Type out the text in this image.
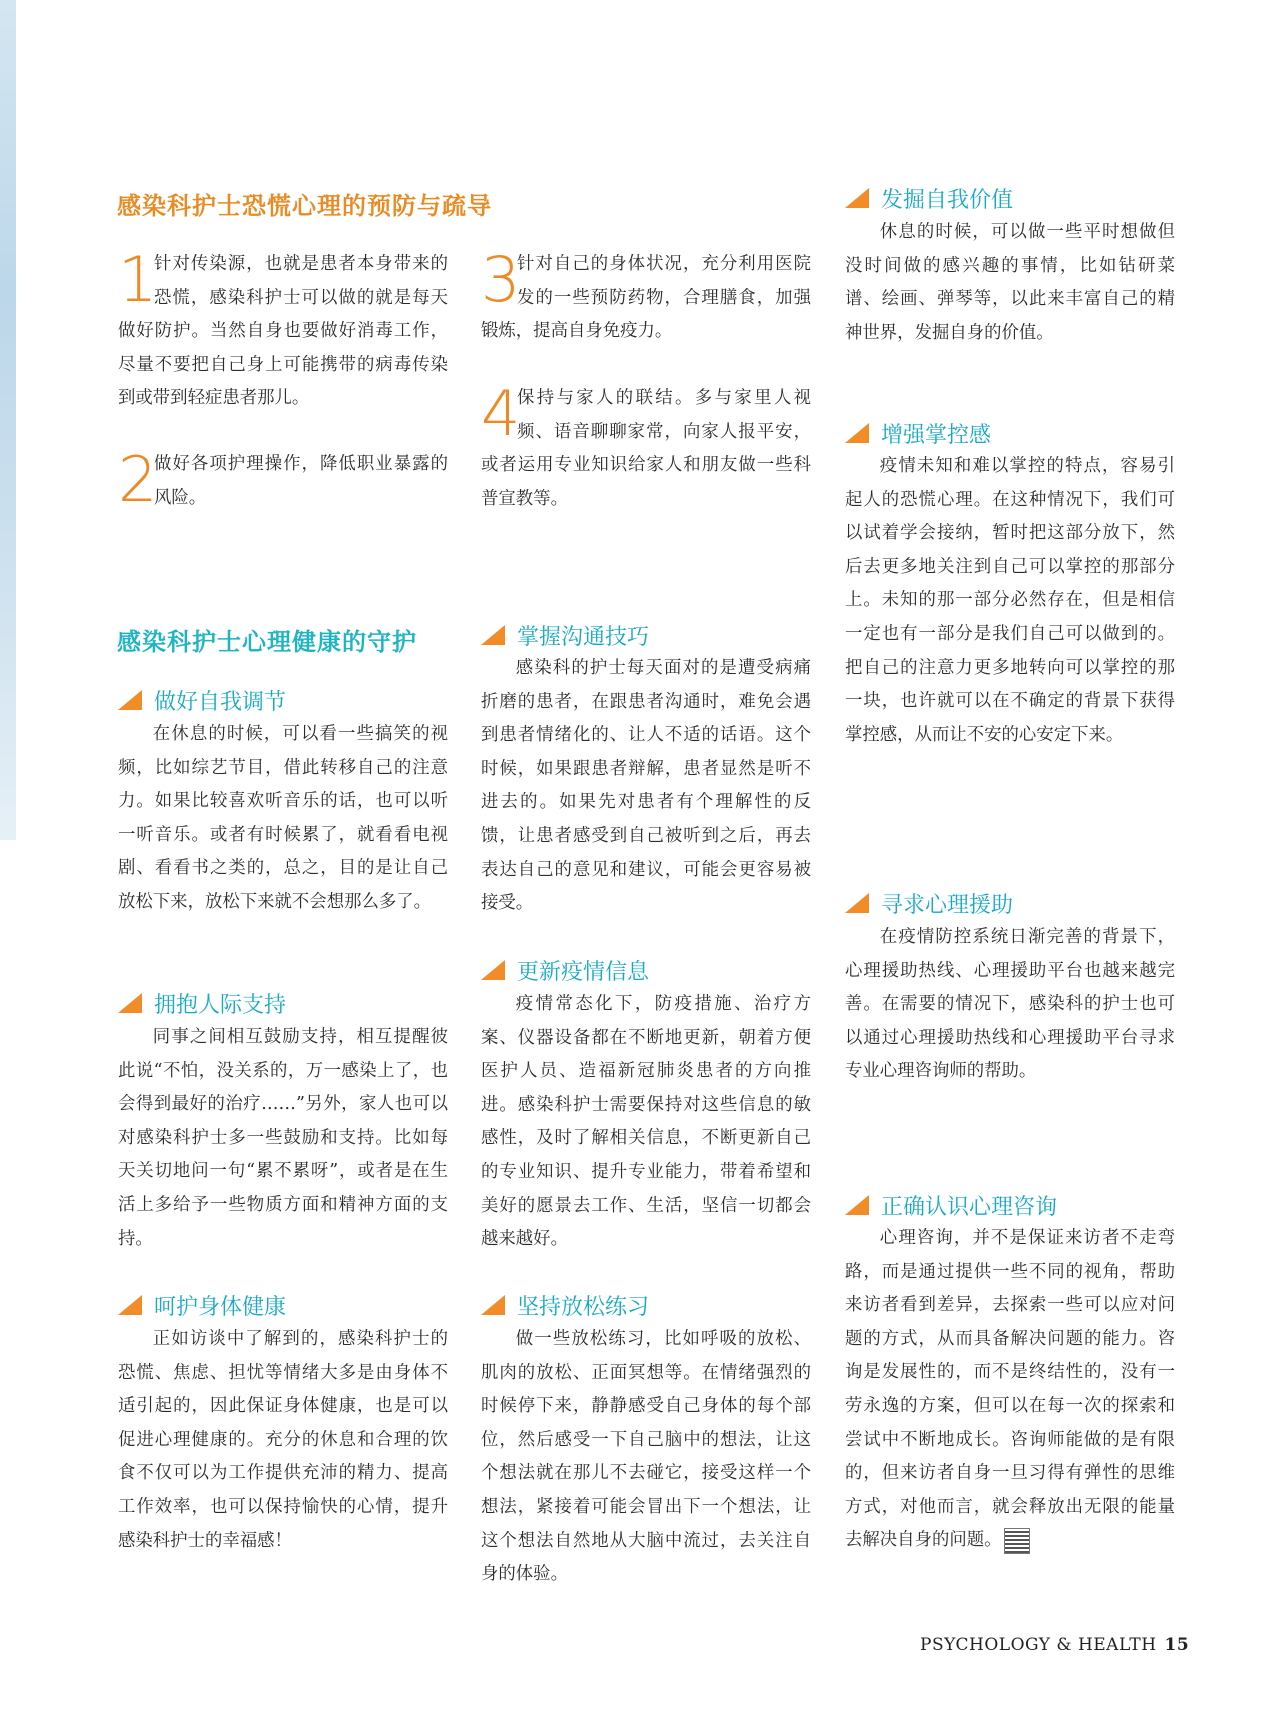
感染科护士恐慌心理的预防与疏导

1
针对传染源，也就是患者本身带来的恐慌，感染科护士可以做的就是每天做好防护。当然自身也要做好消毒工作，尽量不要把自己身上可能携带的病毒传染到或带到轻症患者那儿。

2
做好各项护理操作，降低职业暴露的风险。

感染科护士心理健康的守护
做好自我调节

在休息的时候，可以看一些搞笑的视频，比如综艺节目，借此转移自己的注意力。如果比较喜欢听音乐的话，也可以听一听音乐。或者有时候累了，就看看电视剧、看看书之类的，总之，目的是让自己放松下来，放松下来就不会想那么多了。

拥抱人际支持

同事之间相互鼓励支持，相互提醒彼此说“不怕，没关系的，万一感染上了，也会得到最好的治疗……”另外，家人也可以对感染科护士多一些鼓励和支持。比如每天关切地问一句“累不累呀”，或者是在生活上多给予一些物质方面和精神方面的支持。

呵护身体健康

正如访谈中了解到的，感染科护士的恐慌、焦虑、担忧等情绪大多是由身体不适引起的，因此保证身体健康，也是可以促进心理健康的。充分的休息和合理的饮食不仅可以为工作提供充沛的精力、提高工作效率，也可以保持愉快的心情，提升感染科护士的幸福感！

3
针对自己的身体状况，充分利用医院发的一些预防药物，合理膳食，加强锻炼，提高自身免疫力。

4
保持与家人的联结。多与家里人视频、语音聊聊家常，向家人报平安，或者运用专业知识给家人和朋友做一些科普宣教等。

掌握沟通技巧

感染科的护士每天面对的是遭受病痛折磨的患者，在跟患者沟通时，难免会遇到患者情绪化的、让人不适的话语。这个时候，如果跟患者辩解，患者显然是听不进去的。如果先对患者有个理解性的反馈，让患者感受到自己被听到之后，再去表达自己的意见和建议，可能会更容易被接受。

更新疫情信息

疫情常态化下，防疫措施、治疗方案、仪器设备都在不断地更新，朝着方便医护人员、造福新冠肺炎患者的方向推进。感染科护士需要保持对这些信息的敏感性，及时了解相关信息，不断更新自己的专业知识、提升专业能力，带着希望和美好的愿景去工作、生活，坚信一切都会越来越好。

坚持放松练习

做一些放松练习，比如呼吸的放松、肌肉的放松、正面冥想等。在情绪强烈的时候停下来，静静感受自己身体的每个部位，然后感受一下自己脑中的想法，让这个想法就在那儿不去碰它，接受这样一个想法，紧接着可能会冒出下一个想法，让这个想法自然地从大脑中流过，去关注自身的体验。

发掘自我价值

休息的时候，可以做一些平时想做但没时间做的感兴趣的事情，比如钻研菜谱、绘画、弹琴等，以此来丰富自己的精神世界，发掘自身的价值。

增强掌控感

疫情未知和难以掌控的特点，容易引起人的恐慌心理。在这种情况下，我们可以试着学会接纳，暂时把这部分放下，然后去更多地关注到自己可以掌控的那部分上。未知的那一部分必然存在，但是相信一定也有一部分是我们自己可以做到的。把自己的注意力更多地转向可以掌控的那一块，也许就可以在不确定的背景下获得掌控感，从而让不安的心安定下来。

寻求心理援助

在疫情防控系统日渐完善的背景下，心理援助热线、心理援助平台也越来越完善。在需要的情况下，感染科的护士也可以通过心理援助热线和心理援助平台寻求专业心理咨询师的帮助。

正确认识心理咨询

心理咨询，并不是保证来访者不走弯路，而是通过提供一些不同的视角，帮助来访者看到差异，去探索一些可以应对问题的方式，从而具备解决问题的能力。咨询是发展性的，而不是终结性的，没有一劳永逸的方案，但可以在每一次的探索和尝试中不断地成长。咨询师能做的是有限的，但来访者自身一旦习得有弹性的思维方式，对他而言，就会释放出无限的能量去解决自身的问题。

PSYCHOLOGY & HEALTH 15
